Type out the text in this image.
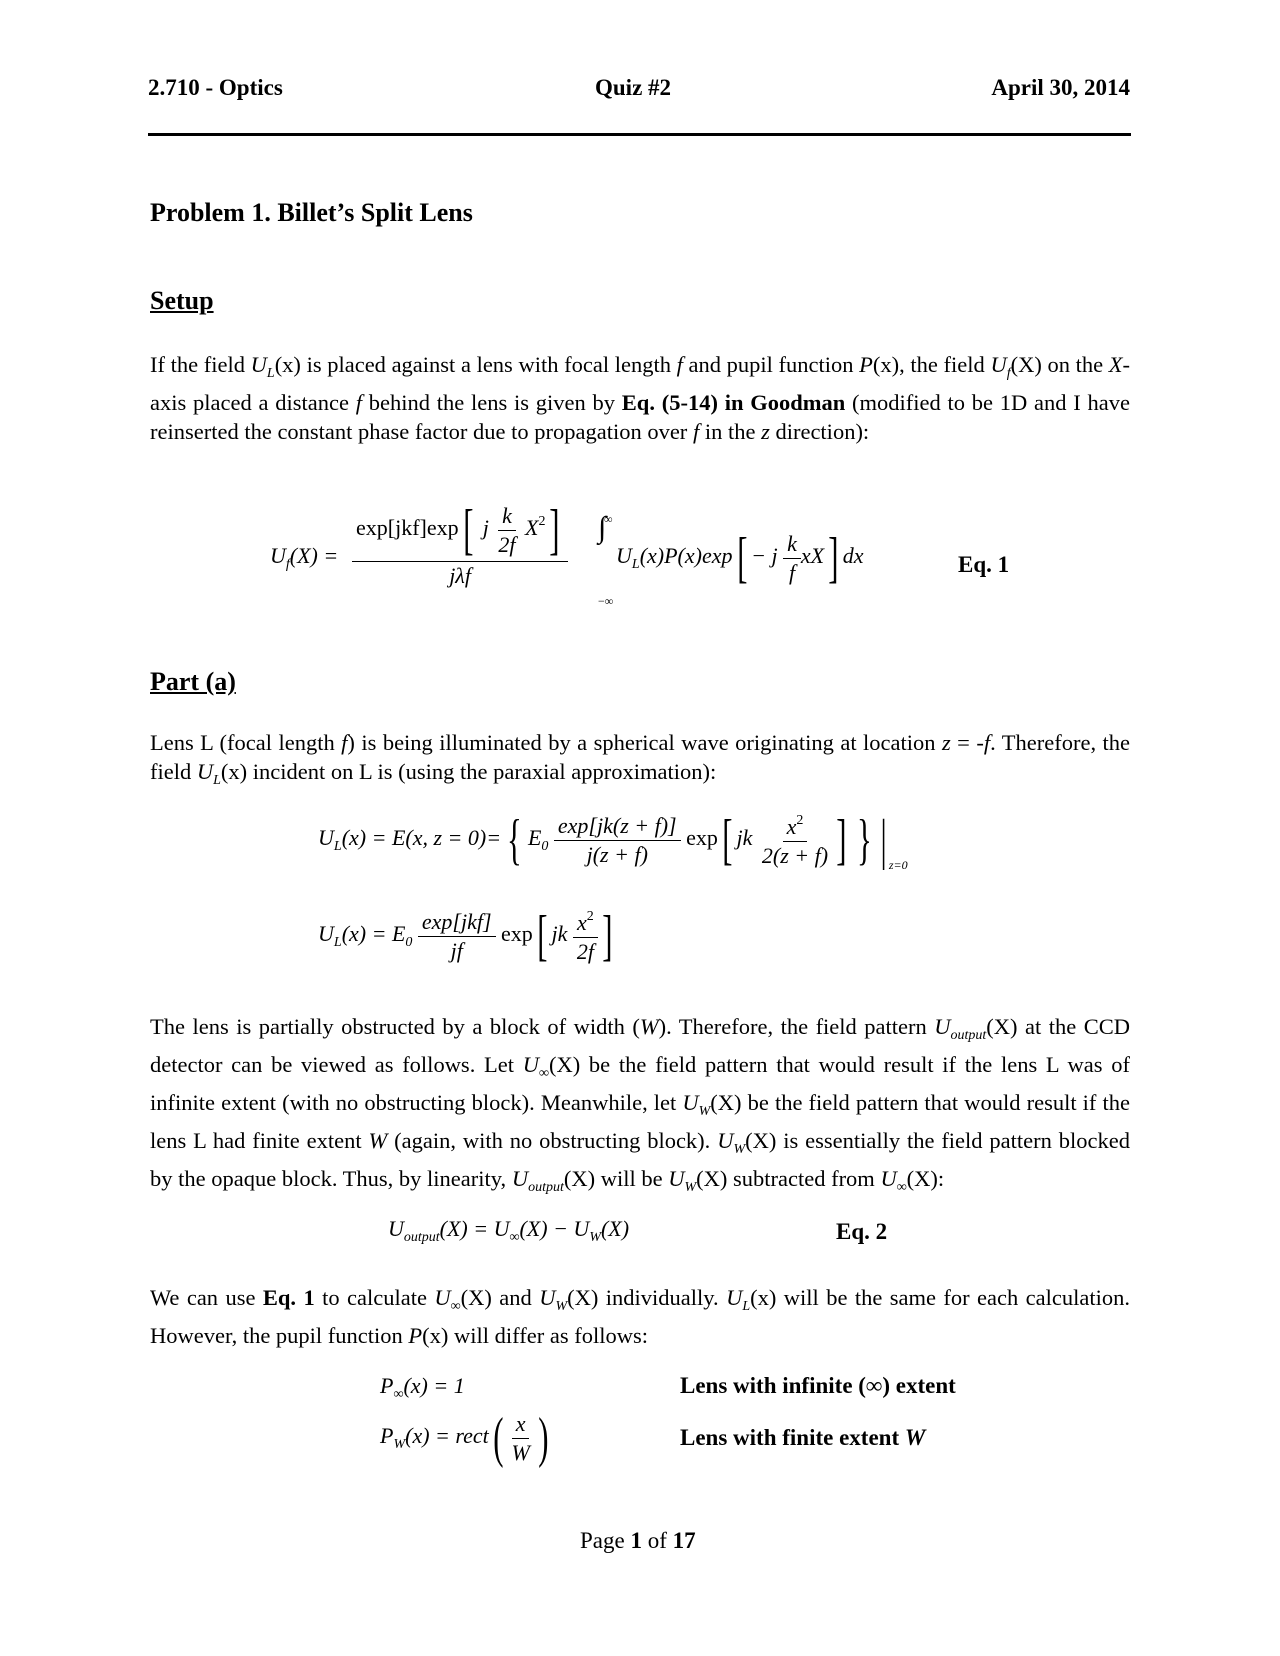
2.710 - Optics	Quiz #2	April 30, 2014
Problem 1. Billet’s Split Lens
Setup
If the field $U_L(x)$ is placed against a lens with focal length f and pupil function P(x), the field $U_f(X)$ on the X-axis placed a distance f behind the lens is given by Eq. (5-14) in Goodman (modified to be 1D and I have reinserted the constant phase factor due to propagation over f in the z direction):
$U_f(X) = \frac{\exp[jkf]\exp[ j \frac{k}{2f} X^2]}{\text{jλf}}$ ∫
∞
−∞
$U_L(x)P(x)\exp[ - j \frac{k}{f} xX]$ dx	Eq. 1
Part (a)
Lens L (focal length f) is being illuminated by a spherical wave originating at location z = -f. Therefore, the field $U_L(x)$ incident on L is (using the paraxial approximation):
$U_L(x) = E(x$, z = 0)= { $E_0 \frac{\exp[jk(z + f)]}{j(z + f)} \exp$[ jk $\frac{x^2}{2(z + f)}$ ] } | $_{z=0}$
$U_L(x) = E_0 \frac{\text{exp[jkf]}}{jf} \exp$[ jk $\frac{x^2}{2f}$ ]
The lens is partially obstructed by a block of width (W). Therefore, the field pattern $U_{output}(X)$ at the CCD detector can be viewed as follows. Let $U_\infty(X)$ be the field pattern that would result if the lens L was of infinite extent (with no obstructing block). Meanwhile, let $U_W(X)$ be the field pattern that would result if the lens L had finite extent W (again, with no obstructing block). $U_W(X)$ is essentially the field pattern blocked by the opaque block. Thus, by linearity, $U_{output}(X)$ will be $U_W(X)$ subtracted from $U_\infty(X)$:
$U_{output}(X) = U_\infty(X) - U_W(X)$	Eq. 2
We can use Eq. 1 to calculate $U_\infty(X)$ and $U_W(X)$ individually. $U_L(x)$ will be the same for each calculation. However, the pupil function P(x) will differ as follows:
$P_\infty(x) = 1$	Lens with infinite (∞) extent
$P_W(x)$ = rect( $\frac{x}{W}$ )	Lens with finite extent W
Page 1 of 17
